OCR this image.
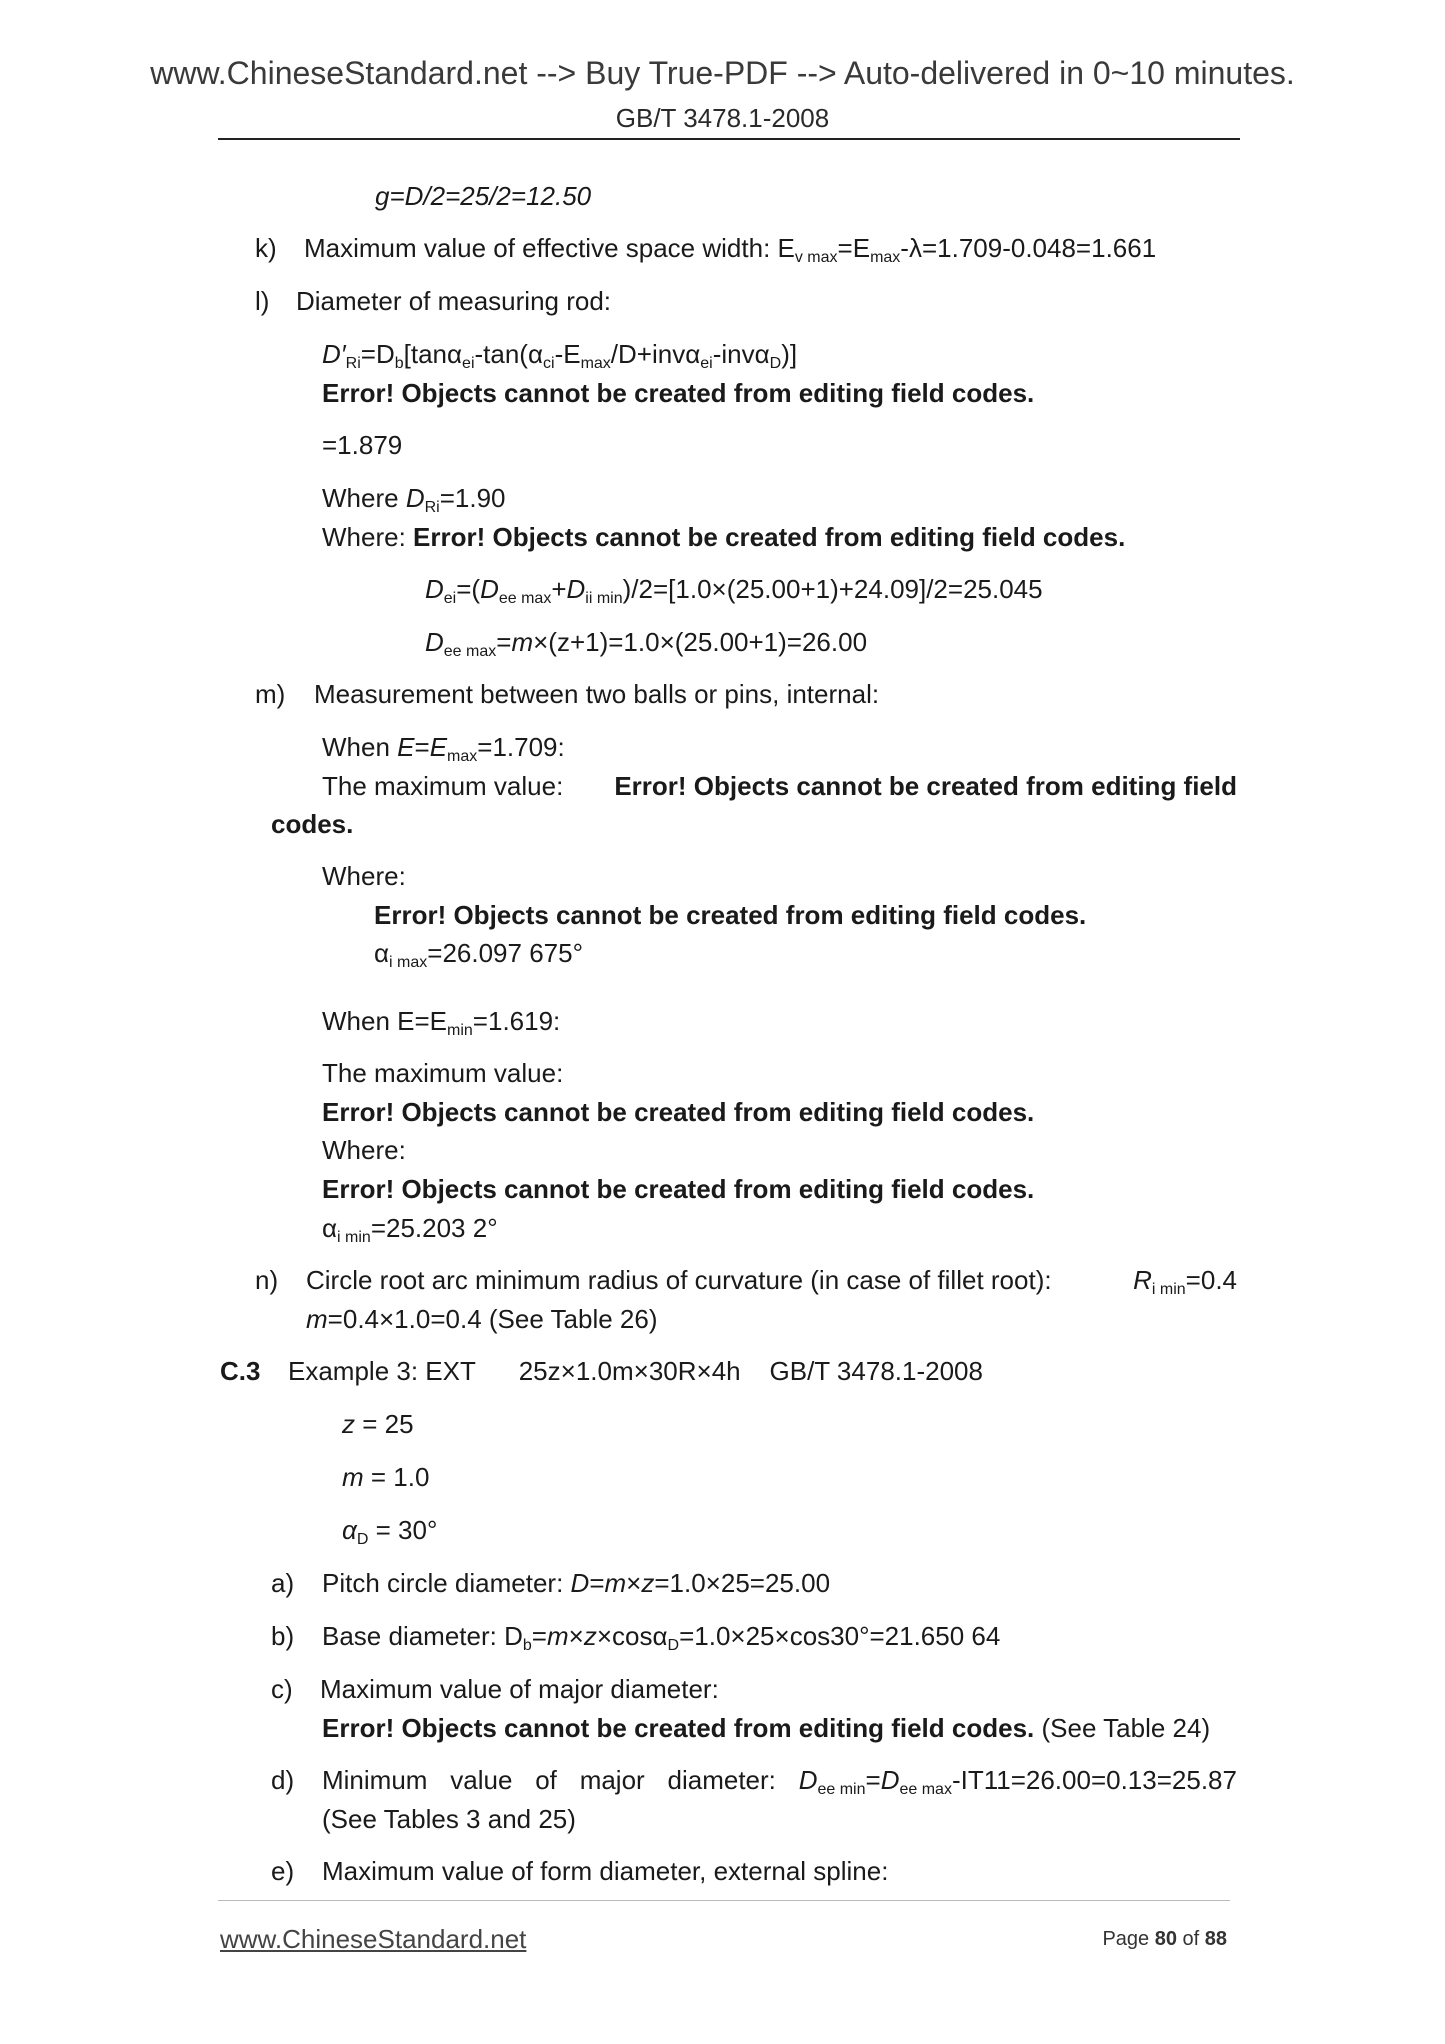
www.ChineseStandard.net --> Buy True-PDF --> Auto-delivered in 0~10 minutes.
GB/T 3478.1-2008
g=D/2=25/2=12.50
k) Maximum value of effective space width: $E_{v max}=E_{max}-\lambda=1.709-0.048=1.661$
l) Diameter of measuring rod:
$D'_{Ri}=D_b[\tan\alpha_{ei}-\tan(\alpha_{ci}-E_{max}/D+inv\alpha_{ei}-inv\alpha_D)]$
Error! Objects cannot be created from editing field codes.
=1.879
Where $D_{Ri}=1.90$
Where: Error! Objects cannot be created from editing field codes.
$D_{ei}=(D_{ee max}+D_{ii min})/2=[1.0\times(25.00+1)+24.09]/2=25.045$
$D_{ee max}=m\times(z+1)=1.0\times(25.00+1)=26.00$
m) Measurement between two balls or pins, internal:
When $E=E_{max}=1.709$:
The maximum value: Error! Objects cannot be created from editing field
codes.
Where:
Error! Objects cannot be created from editing field codes.
$\alpha_{i max}=26.097$ 675°
When $E=E_{min}=1.619$:
The maximum value:
Error! Objects cannot be created from editing field codes.
Where:
Error! Objects cannot be created from editing field codes.
$\alpha_{i min}=25.203$ 2°
n) Circle root arc minimum radius of curvature (in case of fillet root):	$R_{i min}=0.4$
m=0.4×1.0=0.4 (See Table 26)
C.3 Example 3: EXT      25z×1.0m×30R×4h    GB/T 3478.1-2008
z = 25
m = 1.0
$\alpha_D = 30^\circ$
a) Pitch circle diameter: D=m×z=1.0×25=25.00
b) Base diameter: $D_b=m\times z\times\cos\alpha_D=1.0\times 25\times\cos 30^\circ=21.650$ 64
c) Maximum value of major diameter:
Error! Objects cannot be created from editing field codes. (See Table 24)
d) Minimum value of major diameter: $D_{ee min}=D_{ee max}-IT11=26.00=0.13=25.87$
(See Tables 3 and 25)
e) Maximum value of form diameter, external spline:
www.ChineseStandard.net	Page 80 of 88
